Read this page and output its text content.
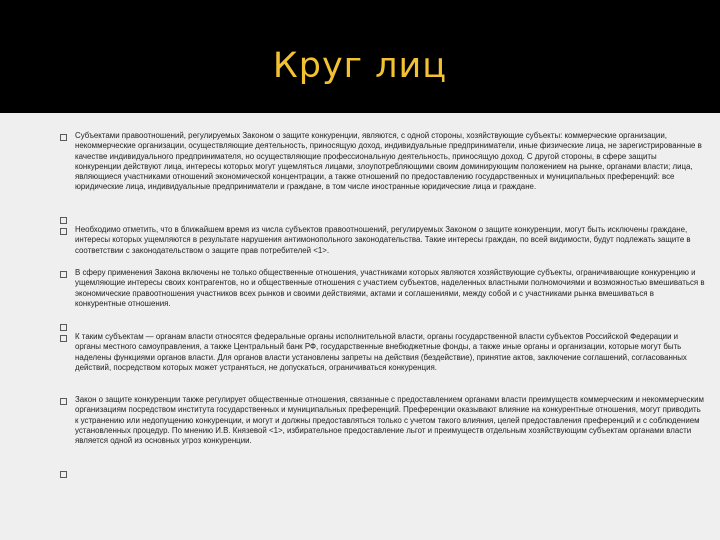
Круг лиц

Субъектами правоотношений, регулируемых Законом о защите конкуренции, являются, с одной стороны, хозяйствующие субъекты: коммерческие организации, некоммерческие организации, осуществляющие деятельность, приносящую доход, индивидуальные предприниматели, иные физические лица, не зарегистрированные в качестве индивидуального предпринимателя, но осуществляющие профессиональную деятельность, приносящую доход. С другой стороны, в сфере защиты конкуренции действуют лица, интересы которых могут ущемляться лицами, злоупотребляющими своим доминирующим положением на рынке, органами власти; лица, являющиеся участниками отношений экономической концентрации, а также отношений по предоставлению государственных и муниципальных преференций: все юридические лица, индивидуальные предприниматели и граждане, в том числе иностранные юридические лица и граждане.

Необходимо отметить, что в ближайшем время из числа субъектов правоотношений, регулируемых Законом о защите конкуренции, могут быть исключены граждане, интересы которых ущемляются в результате нарушения антимонопольного законодательства. Такие интересы граждан, по всей видимости, будут подлежать защите в соответствии с законодательством о защите прав потребителей <1>.

В сферу применения Закона включены не только общественные отношения, участниками которых являются хозяйствующие субъекты, ограничивающие конкуренцию и ущемляющие интересы своих контрагентов, но и общественные отношения с участием субъектов, наделенных властными полномочиями и возможностью вмешиваться в экономические правоотношения участников всех рынков и своими действиями, актами и соглашениями, между собой и с участниками рынка вмешиваться в конкурентные отношения.

К таким субъектам — органам власти относятся федеральные органы исполнительной власти, органы государственной власти субъектов Российской Федерации и органы местного самоуправления, а также Центральный банк РФ, государственные внебюджетные фонды, а также иные органы и организации, которые могут быть наделены функциями органов власти. Для органов власти установлены запреты на действия (бездействие), принятие актов, заключение соглашений, согласованных действий, посредством которых может устраняться, не допускаться, ограничиваться конкуренция.

Закон о защите конкуренции также регулирует общественные отношения, связанные с предоставлением органами власти преимуществ коммерческим и некоммерческим организациям посредством института государственных и муниципальных преференций. Преференции оказывают влияние на конкурентные отношения, могут приводить к устранению или недопущению конкуренции, и могут и должны предоставляться только с учетом такого влияния, целей предоставления преференций и с соблюдением установленных процедур. По мнению И.В. Князевой <1>, избирательное предоставление льгот и преимуществ отдельным хозяйствующим субъектам органами власти является одной из основных угроз конкуренции.
